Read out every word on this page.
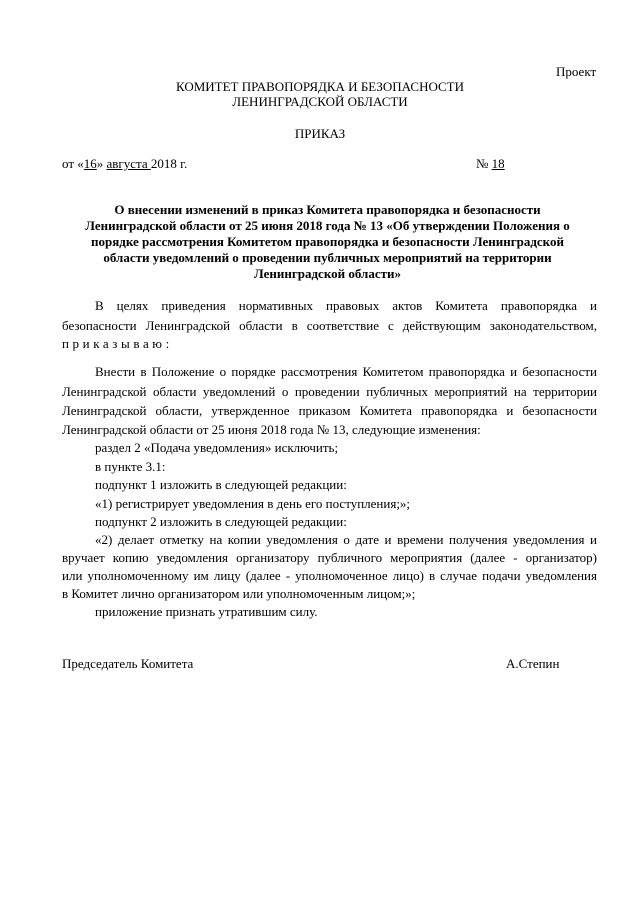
Проект
КОМИТЕТ ПРАВОПОРЯДКА И БЕЗОПАСНОСТИ
ЛЕНИНГРАДСКОЙ ОБЛАСТИ
ПРИКАЗ
от «16» августа 2018 г.	№ 18
О внесении изменений в приказ Комитета правопорядка и безопасности
Ленинградской области от 25 июня 2018 года № 13 «Об утверждении Положения о
порядке рассмотрения Комитетом правопорядка и безопасности Ленинградской
области уведомлений о проведении публичных мероприятий на территории
Ленинградской области»
В целях приведения нормативных правовых актов Комитета правопорядка и
безопасности Ленинградской области в соответствие с действующим законодательством,
приказываю:
Внести в Положение о порядке рассмотрения Комитетом правопорядка и безопасности
Ленинградской области уведомлений о проведении публичных мероприятий на территории
Ленинградской области, утвержденное приказом Комитета правопорядка и безопасности
Ленинградской области от 25 июня 2018 года № 13, следующие изменения:
раздел 2 «Подача уведомления» исключить;
в пункте 3.1:
подпункт 1 изложить в следующей редакции:
«1) регистрирует уведомления в день его поступления;»;
подпункт 2 изложить в следующей редакции:
«2) делает отметку на копии уведомления о дате и времени получения уведомления и
вручает копию уведомления организатору публичного мероприятия (далее - организатор)
или уполномоченному им лицу (далее - уполномоченное лицо) в случае подачи уведомления
в Комитет лично организатором или уполномоченным лицом;»;
приложение признать утратившим силу.
Председатель Комитета	А.Степин
